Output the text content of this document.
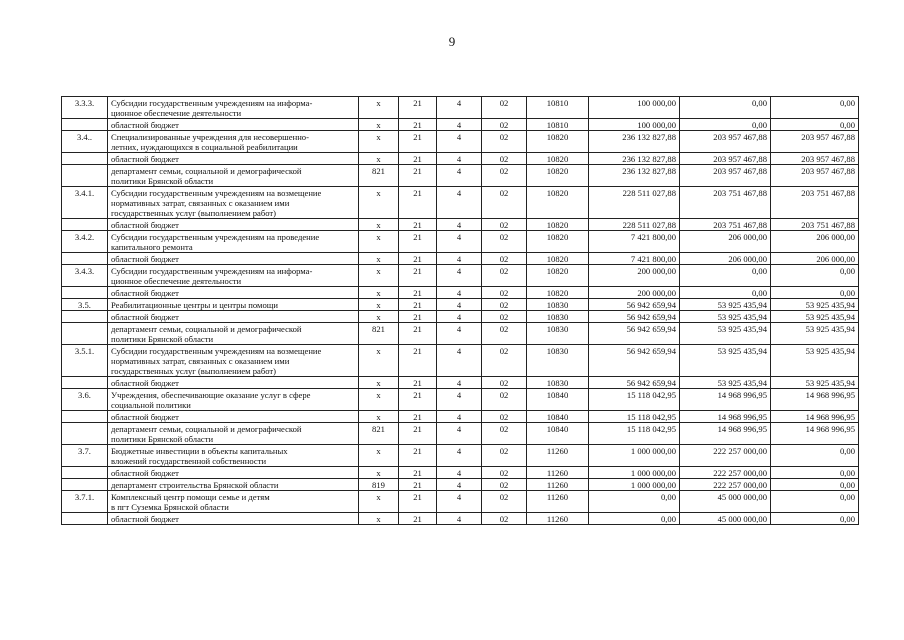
9
3.3.3.	Субсидии государственным учреждениям на информа-
ционное обеспечение деятельности	x	21	4	02	10810	100 000,00	0,00	0,00
	областной бюджет	x	21	4	02	10810	100 000,00	0,00	0,00
3.4..	Специализированные учреждения для несовершенно-
летних, нуждающихся в социальной реабилитации	x	21	4	02	10820	236 132 827,88	203 957 467,88	203 957 467,88
	областной бюджет	x	21	4	02	10820	236 132 827,88	203 957 467,88	203 957 467,88
	департамент семьи, социальной и демографической
политики Брянской области	821	21	4	02	10820	236 132 827,88	203 957 467,88	203 957 467,88
3.4.1.	Субсидии государственным учреждениям на возмещение
нормативных затрат, связанных с оказанием ими
государственных услуг (выполнением работ)	x	21	4	02	10820	228 511 027,88	203 751 467,88	203 751 467,88
	областной бюджет	x	21	4	02	10820	228 511 027,88	203 751 467,88	203 751 467,88
3.4.2.	Субсидии государственным учреждениям на проведение
капитального ремонта	x	21	4	02	10820	7 421 800,00	206 000,00	206 000,00
	областной бюджет	x	21	4	02	10820	7 421 800,00	206 000,00	206 000,00
3.4.3.	Субсидии государственным учреждениям на информа-
ционное обеспечение деятельности	x	21	4	02	10820	200 000,00	0,00	0,00
	областной бюджет	x	21	4	02	10820	200 000,00	0,00	0,00
3.5.	Реабилитационные центры и центры помощи	x	21	4	02	10830	56 942 659,94	53 925 435,94	53 925 435,94
	областной бюджет	x	21	4	02	10830	56 942 659,94	53 925 435,94	53 925 435,94
	департамент семьи, социальной и демографической
политики Брянской области	821	21	4	02	10830	56 942 659,94	53 925 435,94	53 925 435,94
3.5.1.	Субсидии государственным учреждениям на возмещение
нормативных затрат, связанных с оказанием ими
государственных услуг (выполнением работ)	x	21	4	02	10830	56 942 659,94	53 925 435,94	53 925 435,94
	областной бюджет	x	21	4	02	10830	56 942 659,94	53 925 435,94	53 925 435,94
3.6.	Учреждения, обеспечивающие оказание услуг в сфере
социальной политики	x	21	4	02	10840	15 118 042,95	14 968 996,95	14 968 996,95
	областной бюджет	x	21	4	02	10840	15 118 042,95	14 968 996,95	14 968 996,95
	департамент семьи, социальной и демографической
политики Брянской области	821	21	4	02	10840	15 118 042,95	14 968 996,95	14 968 996,95
3.7.	Бюджетные инвестиции в объекты капитальных
вложений государственной собственности	x	21	4	02	11260	1 000 000,00	222 257 000,00	0,00
	областной бюджет	x	21	4	02	11260	1 000 000,00	222 257 000,00	0,00
	департамент строительства Брянской области	819	21	4	02	11260	1 000 000,00	222 257 000,00	0,00
3.7.1.	Комплексный центр помощи семье и детям
в пгт Суземка Брянской области	x	21	4	02	11260	0,00	45 000 000,00	0,00
	областной бюджет	x	21	4	02	11260	0,00	45 000 000,00	0,00
